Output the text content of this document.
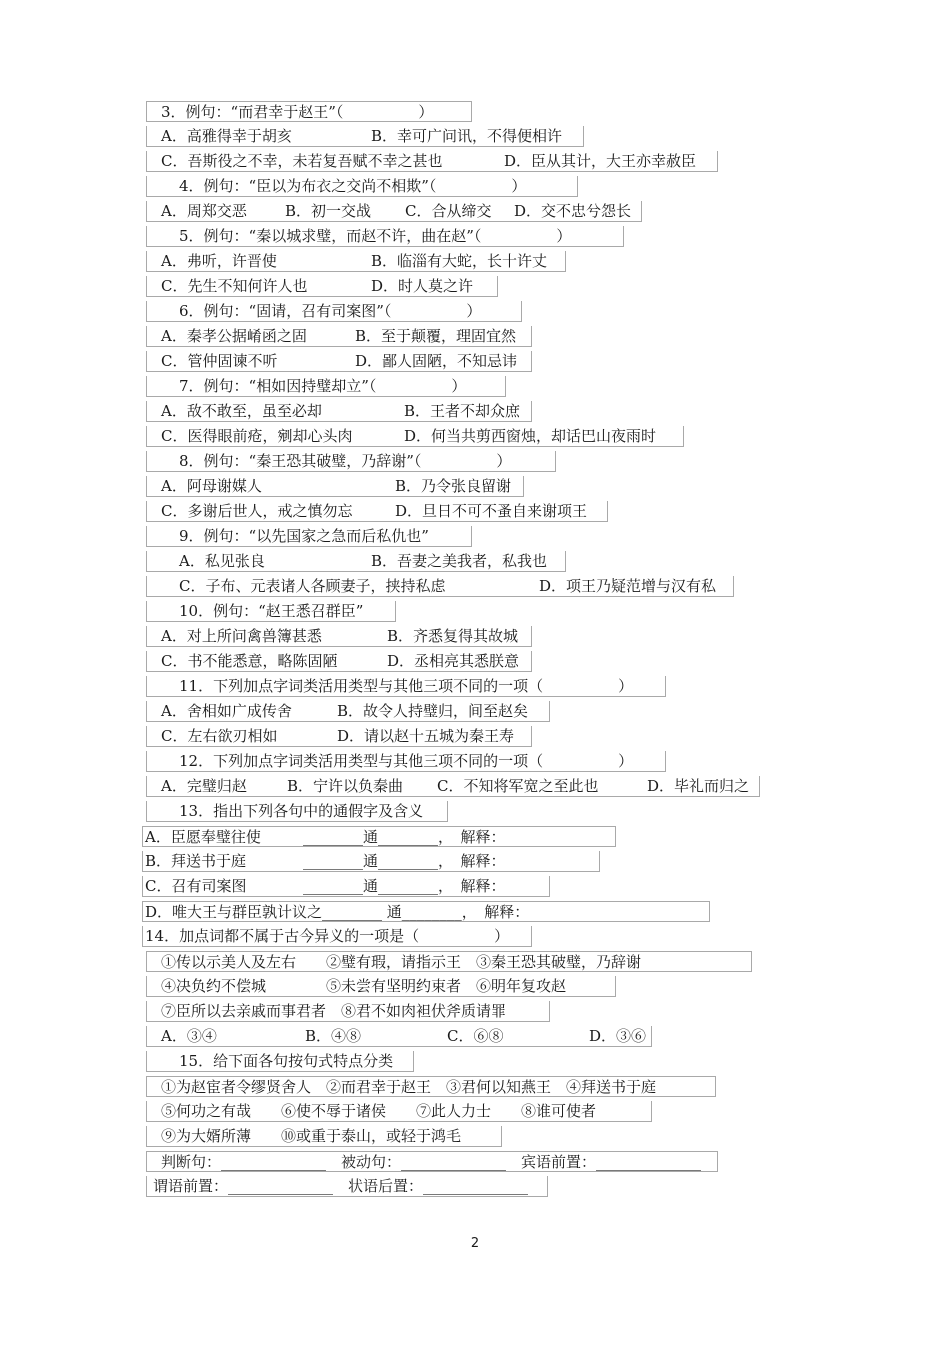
3．例句：“而君幸于赵王”（　　　　　）
A．高雅得幸于胡亥	B．幸可广问讯，不得便相许
C．吾斯役之不幸，未若复吾赋不幸之甚也	D．臣从其计，大王亦幸赦臣
4．例句：“臣以为布衣之交尚不相欺”（　　　　　）
A．周郑交恶	B．初一交战 C．合从缔交 D．交不忠兮怨长
5．例句：“秦以城求璧，而赵不许，曲在赵”（　　　　　）
A．弗听，许晋使	B．临淄有大蛇，长十许丈
C．先生不知何许人也	D．时人莫之许
6．例句：“固请，召有司案图”（　　　　　）
A．秦孝公据崤函之固	B．至于颠覆，理固宜然
C．管仲固谏不听	D．鄙人固陋，不知忌讳
7．例句：“相如因持璧却立”（　　　　　）
A．敌不敢至，虽至必却	B．王者不却众庶
C．医得眼前疮，剜却心头肉	D．何当共剪西窗烛，却话巴山夜雨时
8．例句：“秦王恐其破璧，乃辞谢”（　　　　　）
A．阿母谢媒人	B．乃令张良留谢
C．多谢后世人，戒之慎勿忘	D．旦日不可不蚤自来谢项王
9．例句：“以先国家之急而后私仇也”
A．私见张良	B．吾妻之美我者，私我也
C．子布、元表诸人各顾妻子，挟持私虑	D．项王乃疑范增与汉有私
10．例句：“赵王悉召群臣”
A．对上所问禽兽簿甚悉	B．齐悉复得其故城
C．书不能悉意，略陈固陋	D．丞相亮其悉朕意
11．下列加点字词类活用类型与其他三项不同的一项（　　　　　）
A．舍相如广成传舍	B．故令人持璧归，间至赵矣
C．左右欲刃相如	D．请以赵十五城为秦王寿
12．下列加点字词类活用类型与其他三项不同的一项（　　　　　）
A．完璧归赵	B．宁许以负秦曲 C．不知将军宽之至此也	D．毕礼而归之
13．指出下列各句中的通假字及含义
A．臣愿奉璧往使	________通________，　解释：
B．拜送书于庭	________通________，　解释：
C．召有司案图	________通________，　解释：
D．唯大王与群臣孰计议之________ 通________，　解释：
14．加点词都不属于古今异义的一项是（　　　　　）
①传以示美人及左右　　②璧有瑕，请指示王　③秦王恐其破璧，乃辞谢
④决负约不偿城　　　　⑤未尝有坚明约束者　⑥明年复攻赵
⑦臣所以去亲戚而事君者　⑧君不如肉袒伏斧质请罪
A．③④	B．④⑧	C．⑥⑧	D．③⑥
15．给下面各句按句式特点分类
①为赵宦者令缪贤舍人　②而君幸于赵王　③君何以知燕王　④拜送书于庭
⑤何功之有哉　　⑥使不辱于诸侯　　⑦此人力士　　⑧谁可使者
⑨为大婿所薄　　⑩或重于泰山，或轻于鸿毛
判断句：______________　被动句：______________　宾语前置：______________
谓语前置：______________　状语后置：______________
2
